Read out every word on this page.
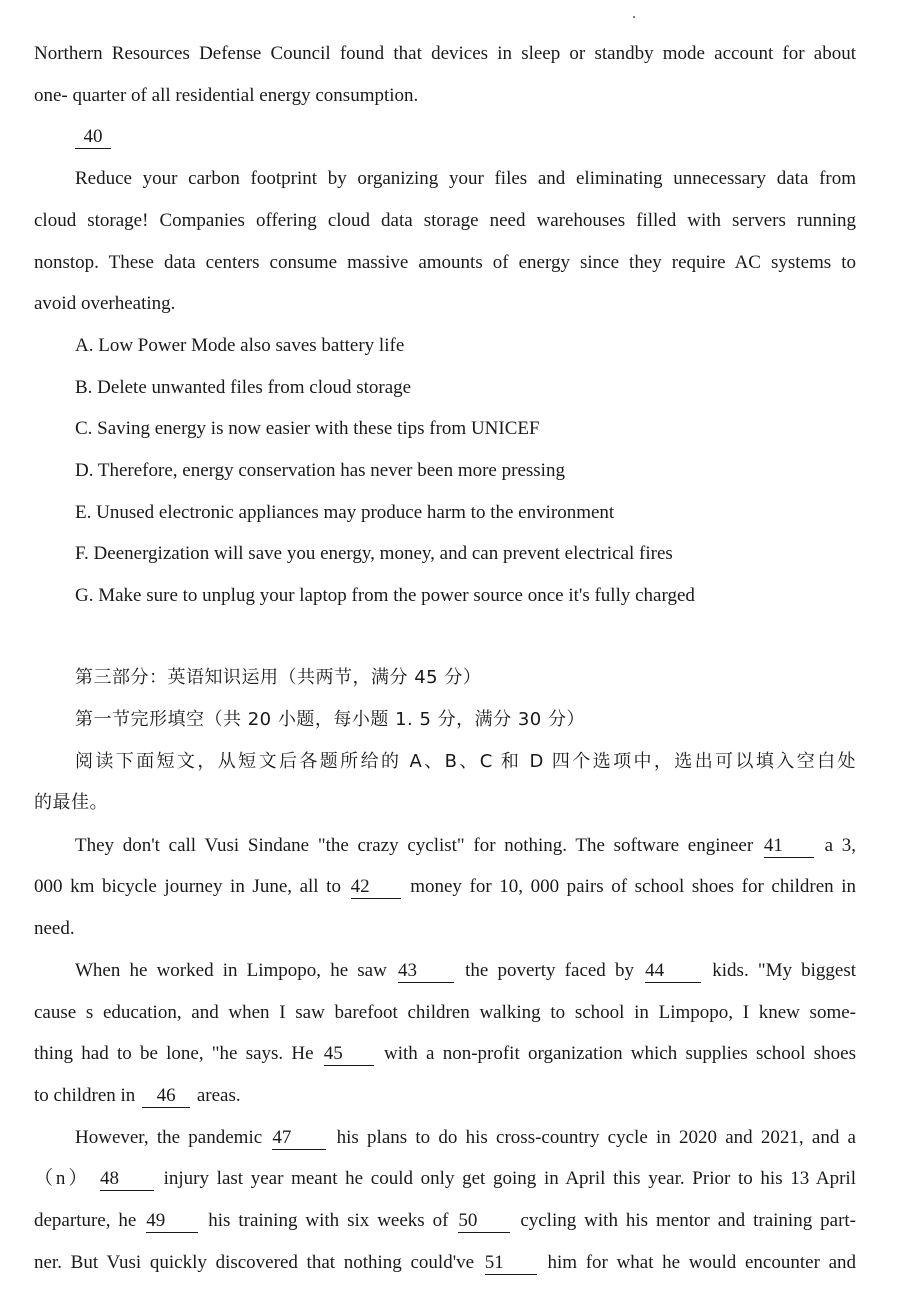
Northern Resources Defense Council found that devices in sleep or standby mode account for about
one- quarter of all residential energy consumption.
40
Reduce your carbon footprint by organizing your files and eliminating unnecessary data from
cloud storage! Companies offering cloud data storage need warehouses filled with servers running
nonstop. These data centers consume massive amounts of energy since they require AC systems to
avoid overheating.
A. Low Power Mode also saves battery life
B. Delete unwanted files from cloud storage
C. Saving energy is now easier with these tips from UNICEF
D. Therefore, energy conservation has never been more pressing
E. Unused electronic appliances may produce harm to the environment
F. Deenergization will save you energy, money, and can prevent electrical fires
G. Make sure to unplug your laptop from the power source once it's fully charged
第三部分：英语知识运用（共两节，满分 45 分）
第一节完形填空（共 20 小题，每小题 1. 5 分，满分 30 分）
阅读下面短文，从短文后各题所给的 A、B、C 和 D 四个选项中，选出可以填入空白处
的最佳。
They don't call Vusi Sindane "the crazy cyclist" for nothing. The software engineer 41 a 3,
000 km bicycle journey in June, all to 42 money for 10, 000 pairs of school shoes for children in
need.
When he worked in Limpopo, he saw 43	the poverty faced by 44	kids. "My biggest
cause s education, and when I saw barefoot children walking to school in Limpopo, I knew some-
thing had to be lone, "he says. He 45 with a non-profit organization which supplies school shoes
to children in 46 areas.
However, the pandemic 47 his plans to do his cross-country cycle in 2020 and 2021, and a
（n） 48 injury last year meant he could only get going in April this year. Prior to his 13 April
departure, he 49 his training with six weeks of 50 cycling with his mentor and training part-
ner. But Vusi quickly discovered that nothing could've 51 him for what he would encounter and
